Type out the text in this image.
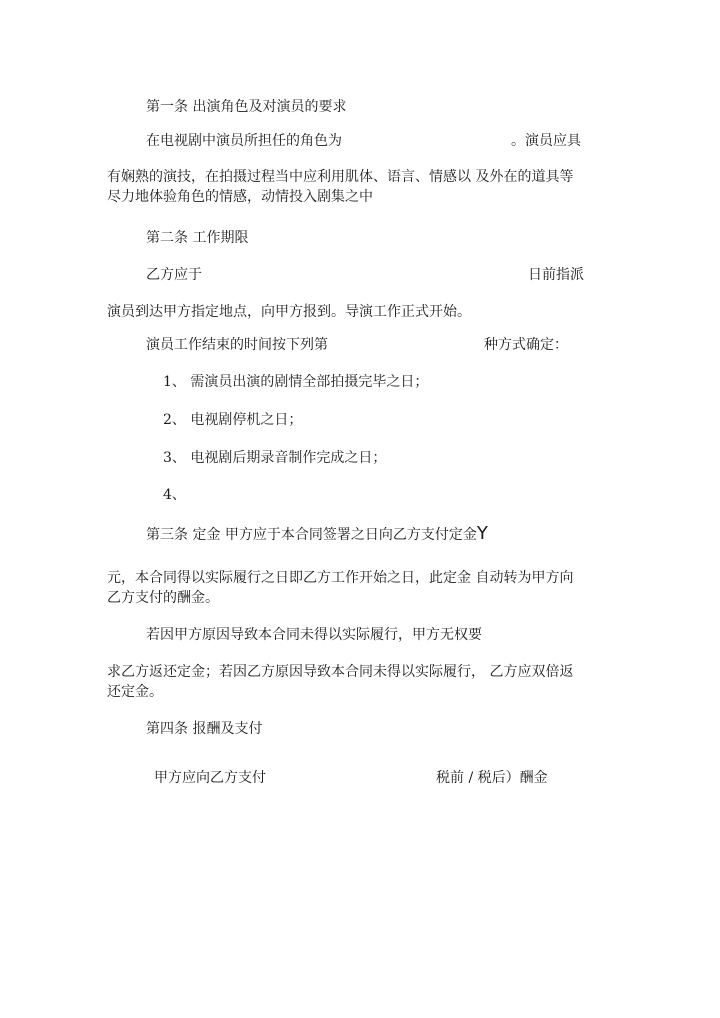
第一条 出演角色及对演员的要求
在电视剧中演员所担任的角色为	。演员应具
有娴熟的演技，在拍摄过程当中应利用肌体、语言、情感以 及外在的道具等
尽力地体验角色的情感，动情投入剧集之中
第二条 工作期限
乙方应于	日前指派
演员到达甲方指定地点，向甲方报到。导演工作正式开始。
演员工作结束的时间按下列第	种方式确定：
1、 需演员出演的剧情全部拍摄完毕之日；
2、 电视剧停机之日；
3、 电视剧后期录音制作完成之日；
4、
第三条 定金 甲方应于本合同签署之日向乙方支付定金Y
元，本合同得以实际履行之日即乙方工作开始之日，此定金 自动转为甲方向
乙方支付的酬金。
若因甲方原因导致本合同未得以实际履行，甲方无权要
求乙方返还定金；若因乙方原因导致本合同未得以实际履行， 乙方应双倍返
还定金。
第四条 报酬及支付
甲方应向乙方支付	税前 / 税后）酬金
